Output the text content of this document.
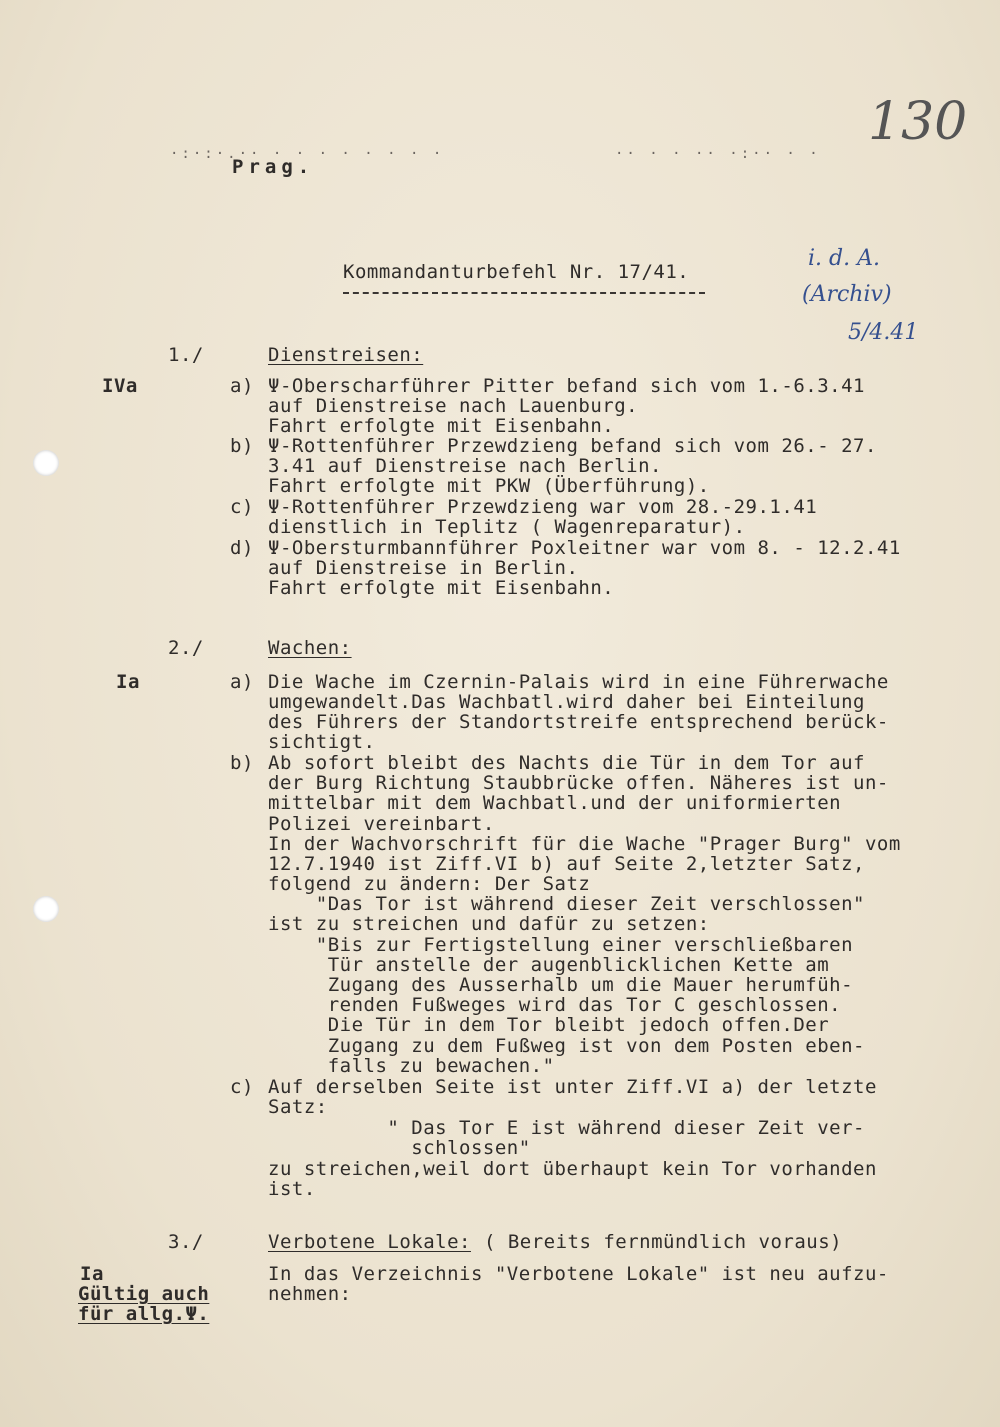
·:·:·.·· · · · · · · · ·	·· · · ·· ·:·· · ·
Prag.
130
i. d. A.
(Archiv)
5/4.41
Kommandanturbefehl Nr. 17/41.
1./	Dienstreisen:
IVa	a) Ψ-Oberscharführer Pitter befand sich vom 1.-6.3.41
auf Dienstreise nach Lauenburg.
Fahrt erfolgte mit Eisenbahn.
b) Ψ-Rottenführer Przewdzieng befand sich vom 26.- 27.
3.41 auf Dienstreise nach Berlin.
Fahrt erfolgte mit PKW (Überführung).
c) Ψ-Rottenführer Przewdzieng war vom 28.-29.1.41
dienstlich in Teplitz ( Wagenreparatur).
d) Ψ-Obersturmbannführer Poxleitner war vom 8. - 12.2.41
auf Dienstreise in Berlin.
Fahrt erfolgte mit Eisenbahn.
2./	Wachen:
Ia	a) Die Wache im Czernin-Palais wird in eine Führerwache
umgewandelt.Das Wachbatl.wird daher bei Einteilung
des Führers der Standortstreife entsprechend berück-
sichtigt.
b) Ab sofort bleibt des Nachts die Tür in dem Tor auf
der Burg Richtung Staubbrücke offen. Näheres ist un-
mittelbar mit dem Wachbatl.und der uniformierten
Polizei vereinbart.
In der Wachvorschrift für die Wache "Prager Burg" vom
12.7.1940 ist Ziff.VI b) auf Seite 2,letzter Satz,
folgend zu ändern: Der Satz
"Das Tor ist während dieser Zeit verschlossen"
ist zu streichen und dafür zu setzen:
"Bis zur Fertigstellung einer verschließbaren
Tür anstelle der augenblicklichen Kette am
Zugang des Ausserhalb um die Mauer herumfüh-
renden Fußweges wird das Tor C geschlossen.
Die Tür in dem Tor bleibt jedoch offen.Der
Zugang zu dem Fußweg ist von dem Posten eben-
falls zu bewachen."
c) Auf derselben Seite ist unter Ziff.VI a) der letzte
Satz:
" Das Tor E ist während dieser Zeit ver-
schlossen"
zu streichen,weil dort überhaupt kein Tor vorhanden
ist.
3./	Verbotene Lokale: ( Bereits fernmündlich voraus)
Ia
Gültig auch
für allg.Ψ.
In das Verzeichnis "Verbotene Lokale" ist neu aufzu-
nehmen:
